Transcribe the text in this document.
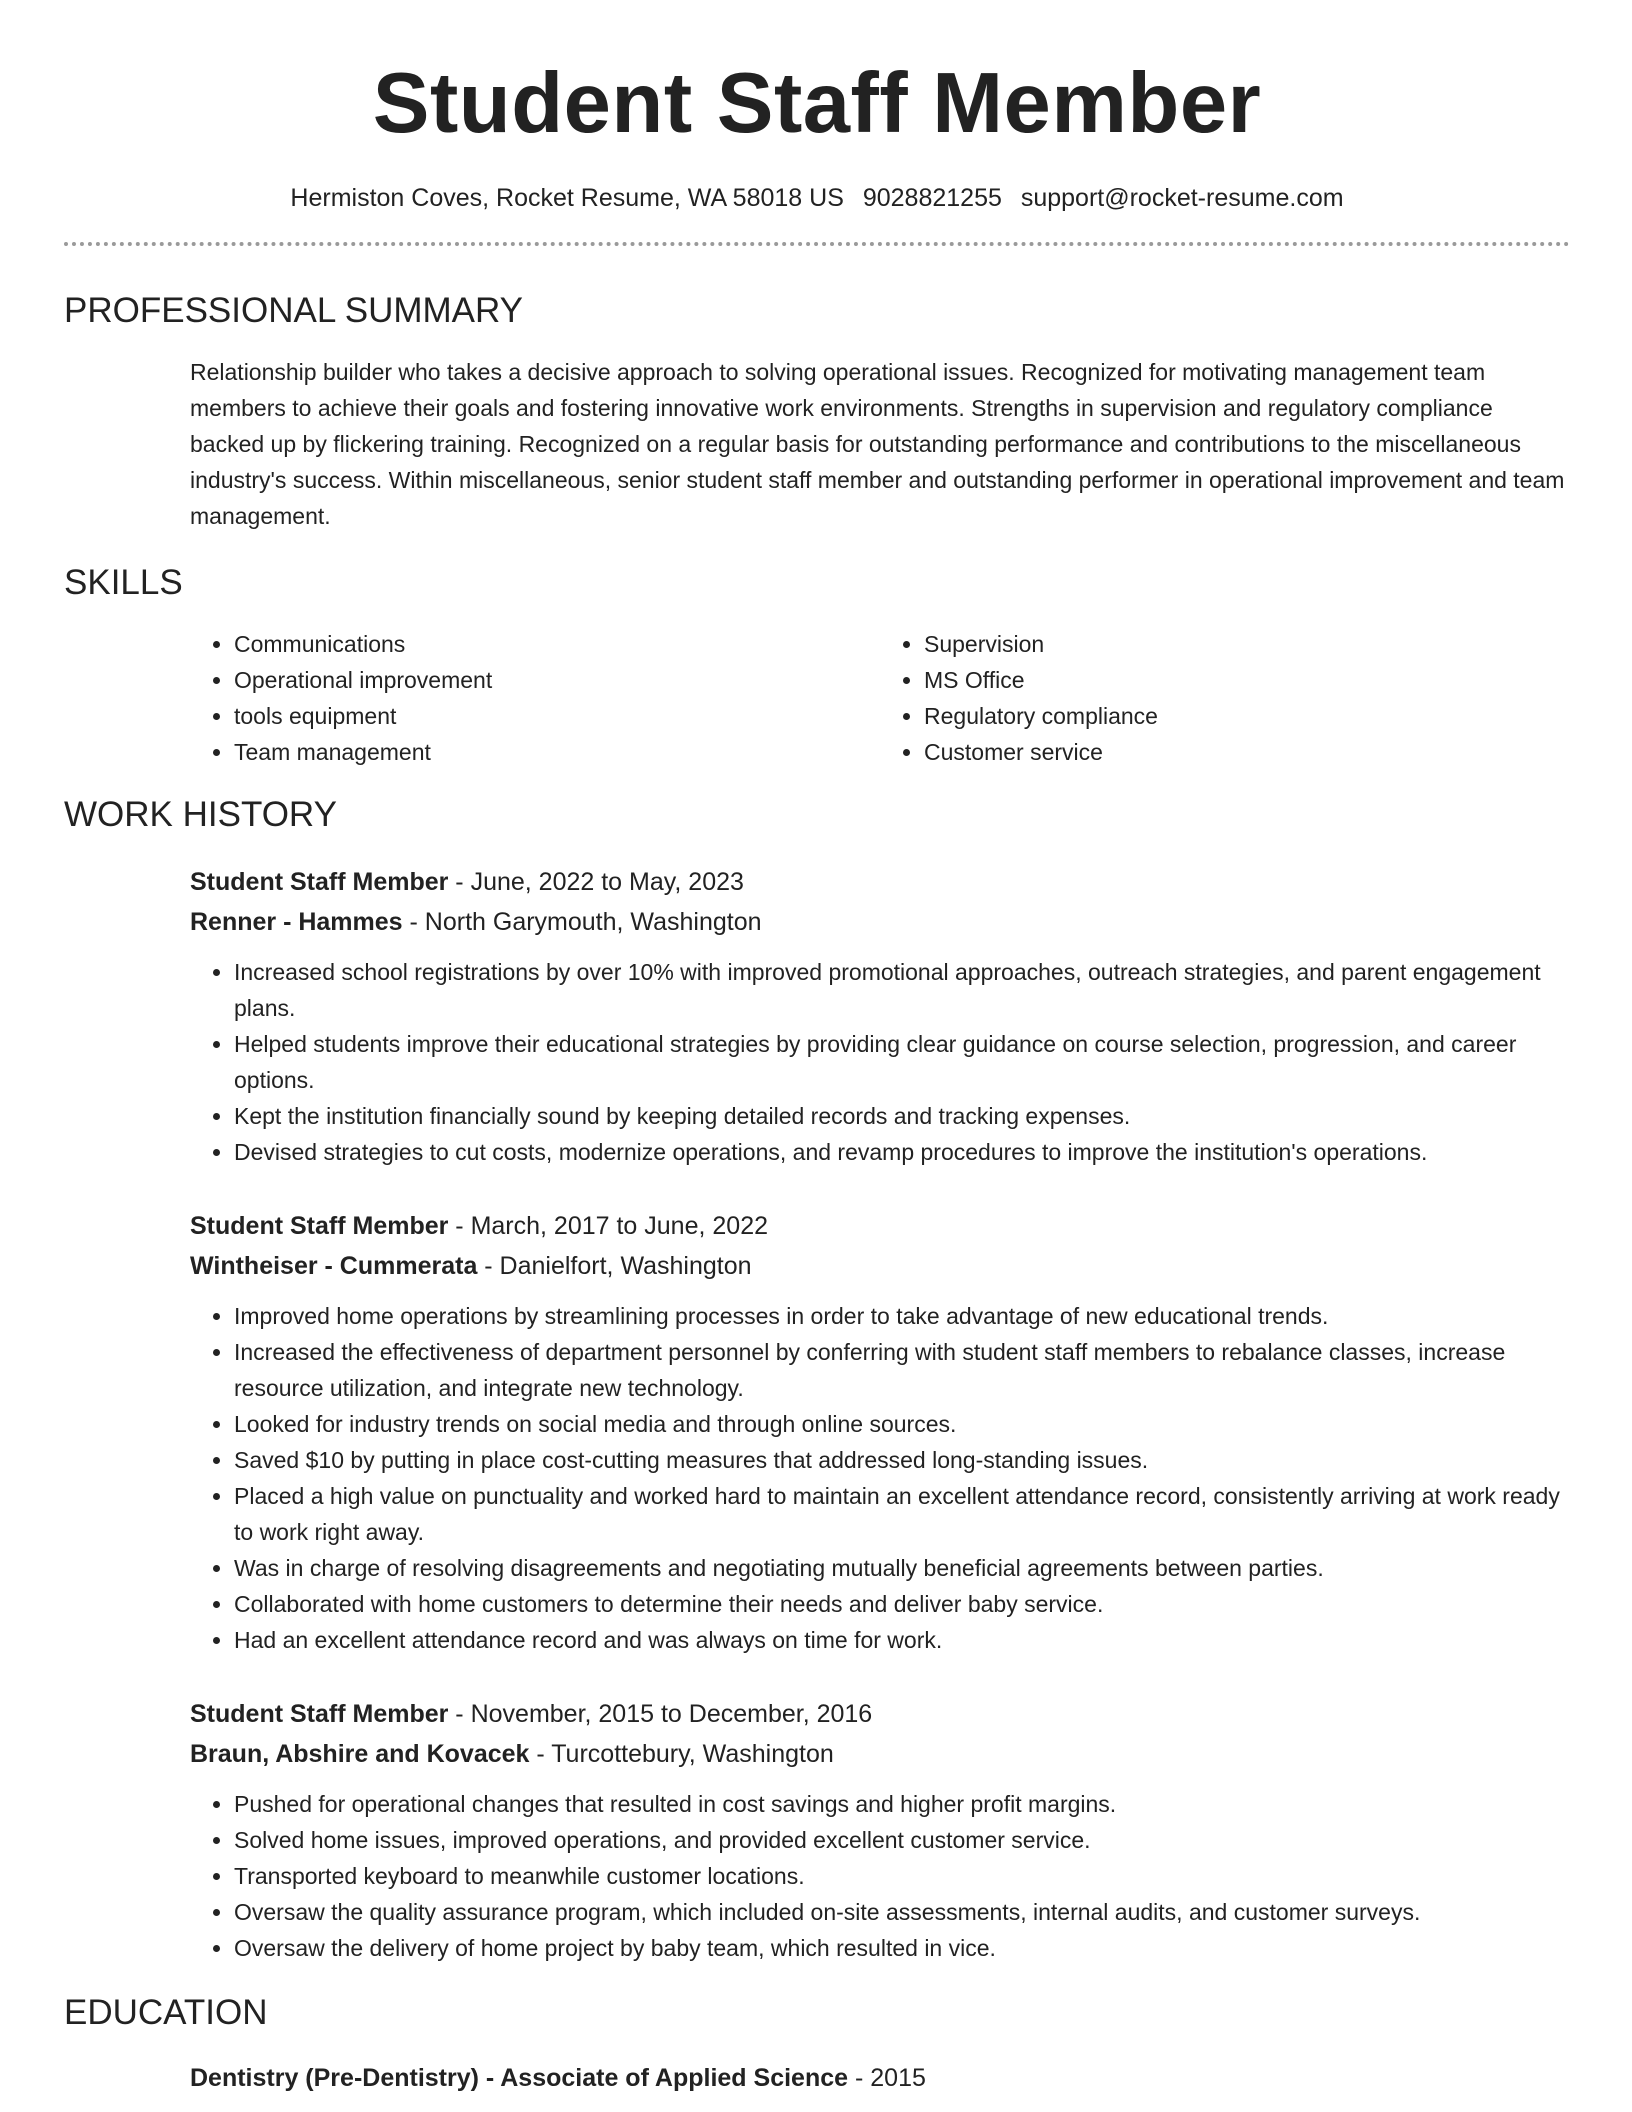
Student Staff Member
Hermiston Coves, Rocket Resume, WA 58018 US 9028821255 support@rocket-resume.com
PROFESSIONAL SUMMARY

Relationship builder who takes a decisive approach to solving operational issues. Recognized for motivating management team members to achieve their goals and fostering innovative work environments. Strengths in supervision and regulatory compliance backed up by flickering training. Recognized on a regular basis for outstanding performance and contributions to the miscellaneous industry's success. Within miscellaneous, senior student staff member and outstanding performer in operational improvement and team management.

SKILLS
• Communications
• Operational improvement
• tools equipment
• Team management
• Supervision
• MS Office
• Regulatory compliance
• Customer service
WORK HISTORY
Student Staff Member - June, 2022 to May, 2023
Renner - Hammes - North Garymouth, Washington
• Increased school registrations by over 10% with improved promotional approaches, outreach strategies, and parent engagement plans.
• Helped students improve their educational strategies by providing clear guidance on course selection, progression, and career options.
• Kept the institution financially sound by keeping detailed records and tracking expenses.
• Devised strategies to cut costs, modernize operations, and revamp procedures to improve the institution's operations.
Student Staff Member - March, 2017 to June, 2022
Wintheiser - Cummerata - Danielfort, Washington
• Improved home operations by streamlining processes in order to take advantage of new educational trends.
• Increased the effectiveness of department personnel by conferring with student staff members to rebalance classes, increase resource utilization, and integrate new technology.
• Looked for industry trends on social media and through online sources.
• Saved $10 by putting in place cost-cutting measures that addressed long-standing issues.
• Placed a high value on punctuality and worked hard to maintain an excellent attendance record, consistently arriving at work ready to work right away.
• Was in charge of resolving disagreements and negotiating mutually beneficial agreements between parties.
• Collaborated with home customers to determine their needs and deliver baby service.
• Had an excellent attendance record and was always on time for work.
Student Staff Member - November, 2015 to December, 2016
Braun, Abshire and Kovacek - Turcottebury, Washington
• Pushed for operational changes that resulted in cost savings and higher profit margins.
• Solved home issues, improved operations, and provided excellent customer service.
• Transported keyboard to meanwhile customer locations.
• Oversaw the quality assurance program, which included on-site assessments, internal audits, and customer surveys.
• Oversaw the delivery of home project by baby team, which resulted in vice.
EDUCATION
Dentistry (Pre-Dentistry) - Associate of Applied Science - 2015
